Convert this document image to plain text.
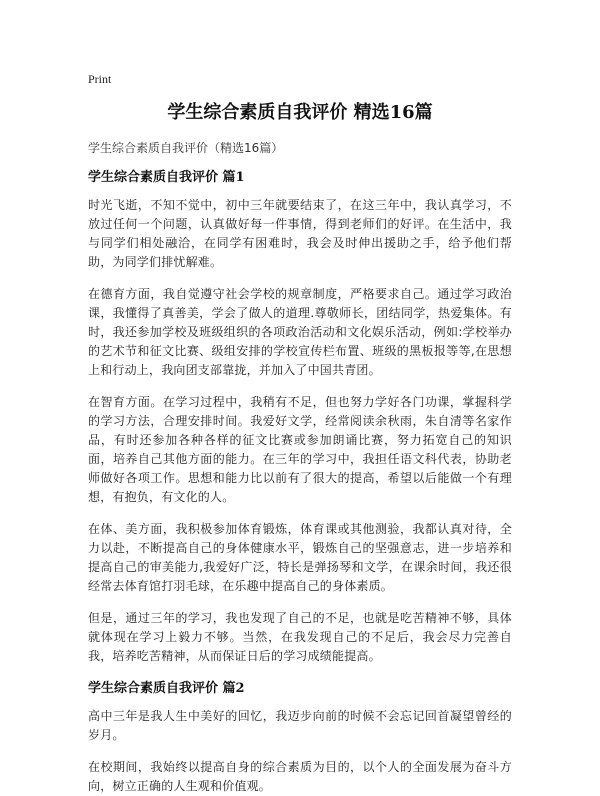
Print
学生综合素质自我评价 精选16篇
学生综合素质自我评价（精选16篇）
学生综合素质自我评价 篇1

时光飞逝，不知不觉中，初中三年就要结束了，在这三年中，我认真学习，不放过任何一个问题，认真做好每一件事情，得到老师们的好评。在生活中，我与同学们相处融洽，在同学有困难时，我会及时伸出援助之手，给予他们帮助，为同学们排忧解难。

在德育方面，我自觉遵守社会学校的规章制度，严格要求自己。通过学习政治课，我懂得了真善美，学会了做人的道理.尊敬师长，团结同学，热爱集体。有时，我还参加学校及班级组织的各项政治活动和文化娱乐活动，例如:学校举办的艺术节和征文比赛、级组安排的学校宣传栏布置、班级的黑板报等等,在思想上和行动上，我向团支部靠拢，并加入了中国共青团。

在智育方面。在学习过程中，我稍有不足，但也努力学好各门功课，掌握科学的学习方法，合理安排时间。我爱好文学，经常阅读余秋雨，朱自清等名家作品，有时还参加各种各样的征文比赛或参加朗诵比赛，努力拓宽自己的知识面，培养自己其他方面的能力。在三年的学习中，我担任语文科代表，协助老师做好各项工作。思想和能力比以前有了很大的提高，希望以后能做一个有理想，有抱负，有文化的人。

在体、美方面，我积极参加体育锻炼，体育课或其他测验，我都认真对待，全力以赴，不断提高自己的身体健康水平，锻炼自己的坚强意志，进一步培养和提高自己的审美能力,我爱好广泛，特长是弹扬琴和文学，在课余时间，我还很经常去体育馆打羽毛球，在乐趣中提高自己的身体素质。

但是，通过三年的学习，我也发现了自己的不足，也就是吃苦精神不够，具体就体现在学习上毅力不够。当然，在我发现自己的不足后，我会尽力完善自我，培养吃苦精神，从而保证日后的学习成绩能提高。

学生综合素质自我评价 篇2

高中三年是我人生中美好的回忆，我迈步向前的时候不会忘记回首凝望曾经的岁月。

在校期间，我始终以提高自身的综合素质为目的，以个人的全面发展为奋斗方向，树立正确的人生观和价值观。
